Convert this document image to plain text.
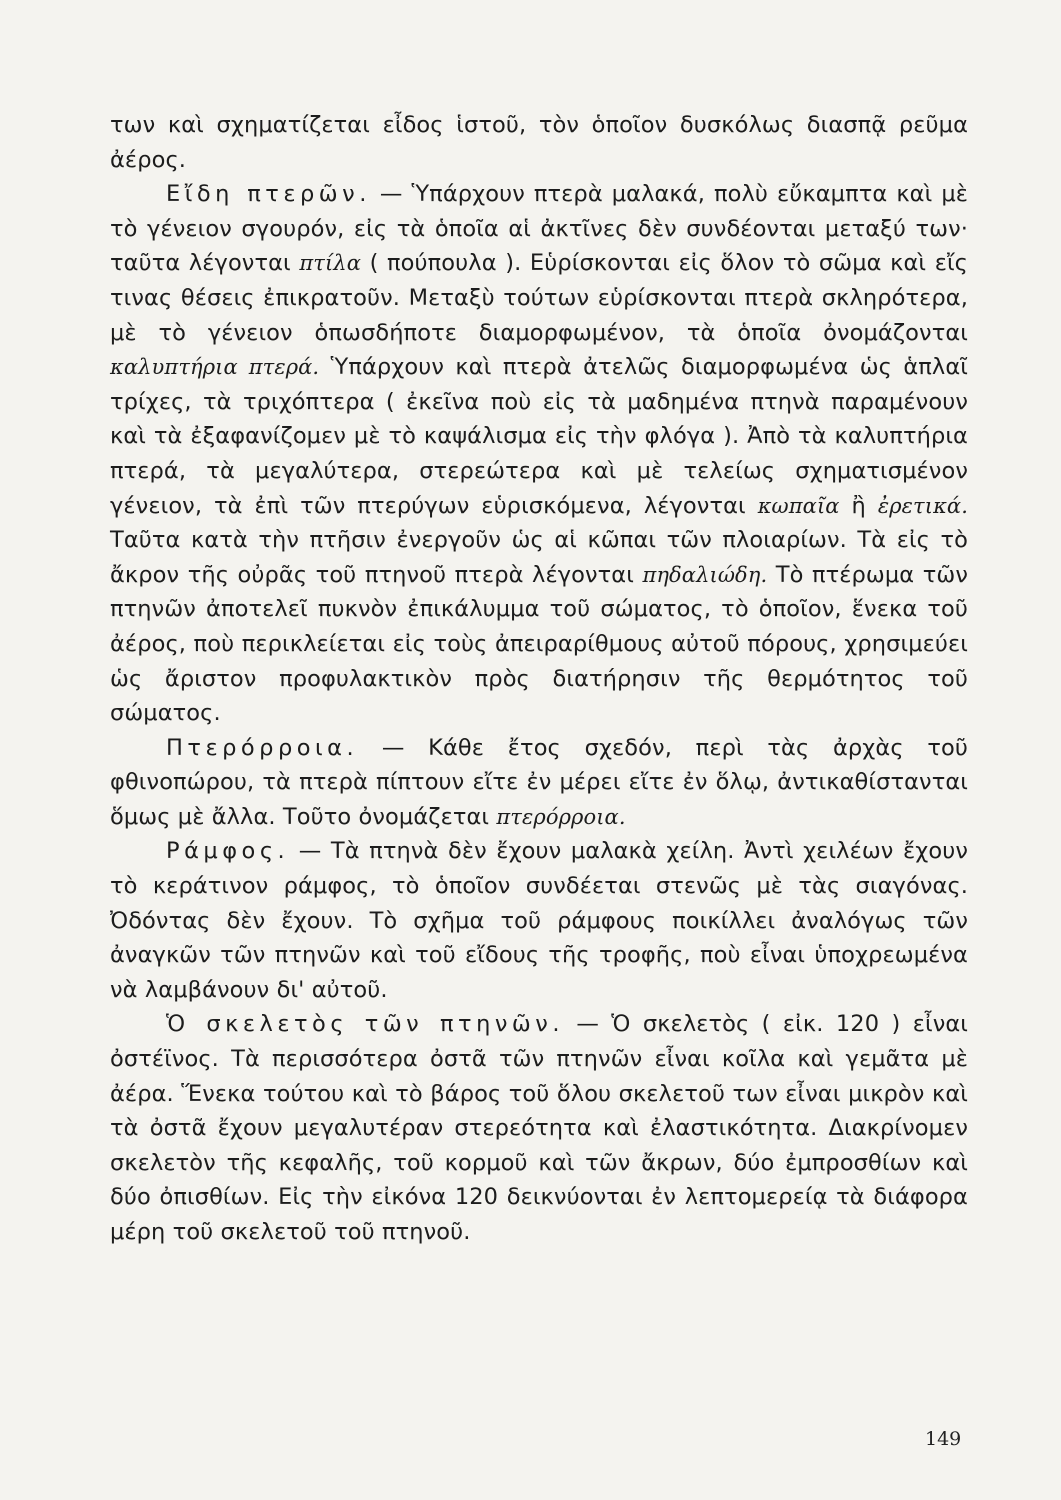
των καὶ σχηματίζεται εἶδος ἱστοῦ, τὸν ὁποῖον δυσκόλως διασπᾷ ρεῦμα ἀέρος.

Εἴδη πτερῶν. — Ὑπάρχουν πτερὰ μαλακά, πολὺ εὔκαμπτα καὶ μὲ τὸ γένειον σγουρόν, εἰς τὰ ὁποῖα αἱ ἀκτῖνες δὲν συνδέονται μεταξύ των· ταῦτα λέγονται πτίλα ( πούπουλα ). Εὑρίσκονται εἰς ὅλον τὸ σῶμα καὶ εἴς τινας θέσεις ἐπικρατοῦν. Μεταξὺ τούτων εὑρίσκονται πτερὰ σκληρότερα, μὲ τὸ γένειον ὁπωσδήποτε διαμορφωμένον, τὰ ὁποῖα ὀνομάζονται καλυπτήρια πτερά. Ὑπάρχουν καὶ πτερὰ ἀτελῶς διαμορφωμένα ὡς ἁπλαῖ τρίχες, τὰ τριχόπτερα ( ἐκεῖνα ποὺ εἰς τὰ μαδημένα πτηνὰ παραμένουν καὶ τὰ ἐξαφανίζομεν μὲ τὸ καψάλισμα εἰς τὴν φλόγα ). Ἀπὸ τὰ καλυπτήρια πτερά, τὰ μεγαλύτερα, στερεώτερα καὶ μὲ τελείως σχηματισμένον γένειον, τὰ ἐπὶ τῶν πτερύγων εὑρισκόμενα, λέγονται κωπαῖα ἢ ἐρετικά. Ταῦτα κατὰ τὴν πτῆσιν ἐνεργοῦν ὡς αἱ κῶπαι τῶν πλοιαρίων. Τὰ εἰς τὸ ἄκρον τῆς οὐρᾶς τοῦ πτηνοῦ πτερὰ λέγονται πηδαλιώδη. Τὸ πτέρωμα τῶν πτηνῶν ἀποτελεῖ πυκνὸν ἐπικάλυμμα τοῦ σώματος, τὸ ὁποῖον, ἕνεκα τοῦ ἀέρος, ποὺ περικλείεται εἰς τοὺς ἀπειραρίθμους αὐτοῦ πόρους, χρησιμεύει ὡς ἄριστον προφυλακτικὸν πρὸς διατήρησιν τῆς θερμότητος τοῦ σώματος.

Πτερόρροια. — Κάθε ἔτος σχεδόν, περὶ τὰς ἀρχὰς τοῦ φθινοπώρου, τὰ πτερὰ πίπτουν εἴτε ἐν μέρει εἴτε ἐν ὅλῳ, ἀντικαθίστανται ὅμως μὲ ἄλλα. Τοῦτο ὀνομάζεται πτερόρροια.

Ράμφος. — Τὰ πτηνὰ δὲν ἔχουν μαλακὰ χείλη. Ἀντὶ χειλέων ἔχουν τὸ κεράτινον ράμφος, τὸ ὁποῖον συνδέεται στενῶς μὲ τὰς σιαγόνας. Ὀδόντας δὲν ἔχουν. Τὸ σχῆμα τοῦ ράμφους ποικίλλει ἀναλόγως τῶν ἀναγκῶν τῶν πτηνῶν καὶ τοῦ εἴδους τῆς τροφῆς, ποὺ εἶναι ὑποχρεωμένα νὰ λαμβάνουν δι' αὐτοῦ.

Ὁ σκελετὸς τῶν πτηνῶν. — Ὁ σκελετὸς ( εἰκ. 120 ) εἶναι ὀστέϊνος. Τὰ περισσότερα ὀστᾶ τῶν πτηνῶν εἶναι κοῖλα καὶ γεμᾶτα μὲ ἀέρα. Ἕνεκα τούτου καὶ τὸ βάρος τοῦ ὅλου σκελετοῦ των εἶναι μικρὸν καὶ τὰ ὀστᾶ ἔχουν μεγαλυτέραν στερεότητα καὶ ἐλαστικότητα. Διακρίνομεν σκελετὸν τῆς κεφαλῆς, τοῦ κορμοῦ καὶ τῶν ἄκρων, δύο ἐμπροσθίων καὶ δύο ὀπισθίων. Εἰς τὴν εἰκόνα 120 δεικνύονται ἐν λεπτομερείᾳ τὰ διάφορα μέρη τοῦ σκελετοῦ τοῦ πτηνοῦ.

149
